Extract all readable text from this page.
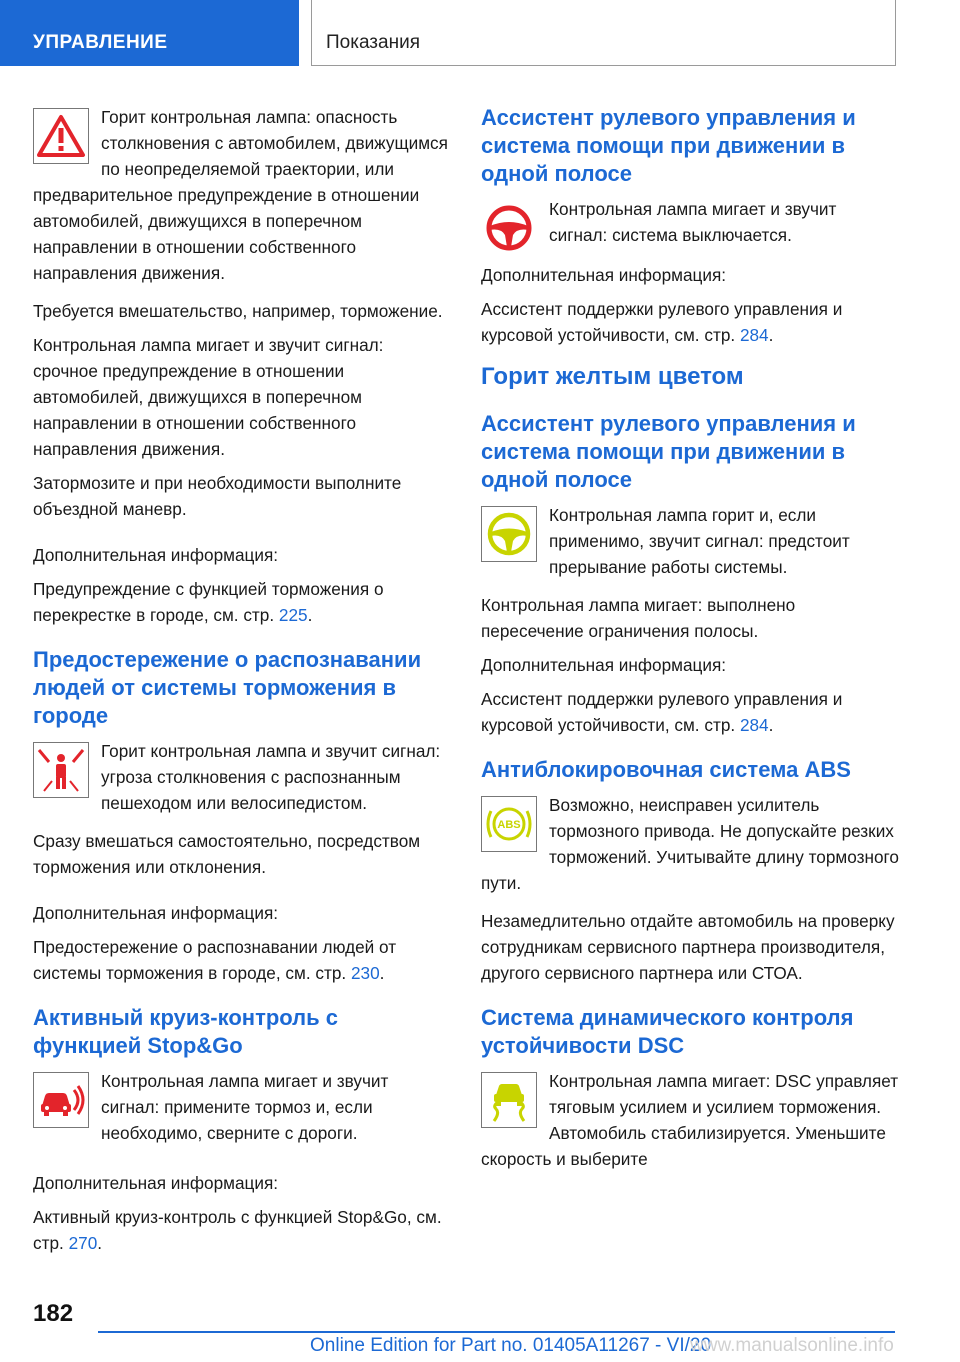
УПРАВЛЕНИЕ	Показания

Горит контрольная лампа: опасность столкновения с автомобилем, движущимся по неопределяемой траектории, или предварительное предупреждение в отношении автомобилей, движущихся в поперечном направлении в отношении собственного направления движения.

Требуется вмешательство, например, торможение.

Контрольная лампа мигает и звучит сигнал: срочное предупреждение в отношении автомобилей, движущихся в поперечном направлении в отношении собственного направления движения.

Затормозите и при необходимости выполните объездной маневр.

Дополнительная информация:

Предупреждение с функцией торможения о перекрестке в городе, см. стр. 225.

Предостережение о распознавании людей от системы торможения в городе

Горит контрольная лампа и звучит сигнал: угроза столкновения с распознанным пешеходом или велосипедистом.

Сразу вмешаться самостоятельно, посредством торможения или отклонения.

Дополнительная информация:

Предостережение о распознавании людей от системы торможения в городе, см. стр. 230.

Активный круиз-контроль с функцией Stop&Go

Контрольная лампа мигает и звучит сигнал: примените тормоз и, если необходимо, сверните с дороги.

Дополнительная информация:

Активный круиз-контроль с функцией Stop&Go, см. стр. 270.

Ассистент рулевого управления и система помощи при движении в одной полосе

Контрольная лампа мигает и звучит сигнал: система выключается.

Дополнительная информация:

Ассистент поддержки рулевого управления и курсовой устойчивости, см. стр. 284.

Горит желтым цветом
Ассистент рулевого управления и система помощи при движении в одной полосе

Контрольная лампа горит и, если применимо, звучит сигнал: предстоит прерывание работы системы.

Контрольная лампа мигает: выполнено пересечение ограничения полосы.

Дополнительная информация:

Ассистент поддержки рулевого управления и курсовой устойчивости, см. стр. 284.

Антиблокировочная система ABS
ABS

Возможно, неисправен усилитель тормозного привода. Не допускайте резких торможений. Учитывайте длину тормозного пути.

Незамедлительно отдайте автомобиль на проверку сотрудникам сервисного партнера производителя, другого сервисного партнера или СТОА.

Система динамического контроля устойчивости DSC

Контрольная лампа мигает: DSC управляет тяговым усилием и усилием торможения. Автомобиль стабилизируется. Уменьшите скорость и выберите

182
Online Edition for Part no. 01405A11267 - VI/20
www.manualsonline.info
